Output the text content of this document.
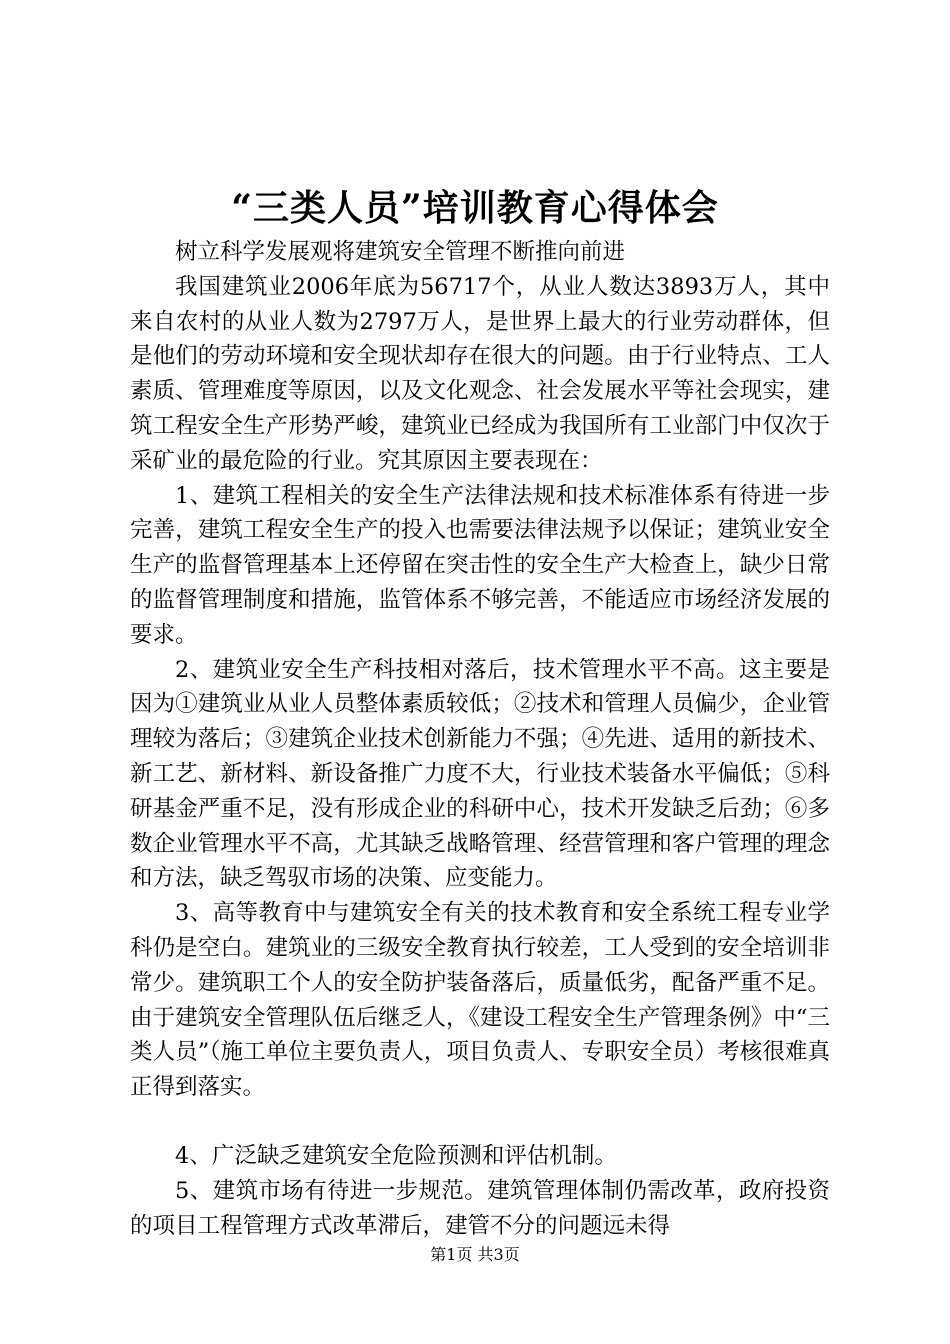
“三类人员”培训教育心得体会

树立科学发展观将建筑安全管理不断推向前进

我国建筑业2006年底为56717个，从业人数达3893万人，其中来自农村的从业人数为2797万人，是世界上最大的行业劳动群体，但是他们的劳动环境和安全现状却存在很大的问题。由于行业特点、工人素质、管理难度等原因，以及文化观念、社会发展水平等社会现实，建筑工程安全生产形势严峻，建筑业已经成为我国所有工业部门中仅次于采矿业的最危险的行业。究其原因主要表现在：

1、建筑工程相关的安全生产法律法规和技术标准体系有待进一步完善，建筑工程安全生产的投入也需要法律法规予以保证；建筑业安全生产的监督管理基本上还停留在突击性的安全生产大检查上，缺少日常的监督管理制度和措施，监管体系不够完善，不能适应市场经济发展的要求。

2、建筑业安全生产科技相对落后，技术管理水平不高。这主要是因为①建筑业从业人员整体素质较低；②技术和管理人员偏少，企业管理较为落后；③建筑企业技术创新能力不强；④先进、适用的新技术、新工艺、新材料、新设备推广力度不大，行业技术装备水平偏低；⑤科研基金严重不足，没有形成企业的科研中心，技术开发缺乏后劲；⑥多数企业管理水平不高，尤其缺乏战略管理、经营管理和客户管理的理念和方法，缺乏驾驭市场的决策、应变能力。

3、高等教育中与建筑安全有关的技术教育和安全系统工程专业学科仍是空白。建筑业的三级安全教育执行较差，工人受到的安全培训非常少。建筑职工个人的安全防护装备落后，质量低劣，配备严重不足。由于建筑安全管理队伍后继乏人，《建设工程安全生产管理条例》中“三类人员”（施工单位主要负责人，项目负责人、专职安全员）考核很难真正得到落实。

4、广泛缺乏建筑安全危险预测和评估机制。

5、建筑市场有待进一步规范。建筑管理体制仍需改革，政府投资的项目工程管理方式改革滞后，建管不分的问题远未得

第1页 共3页
